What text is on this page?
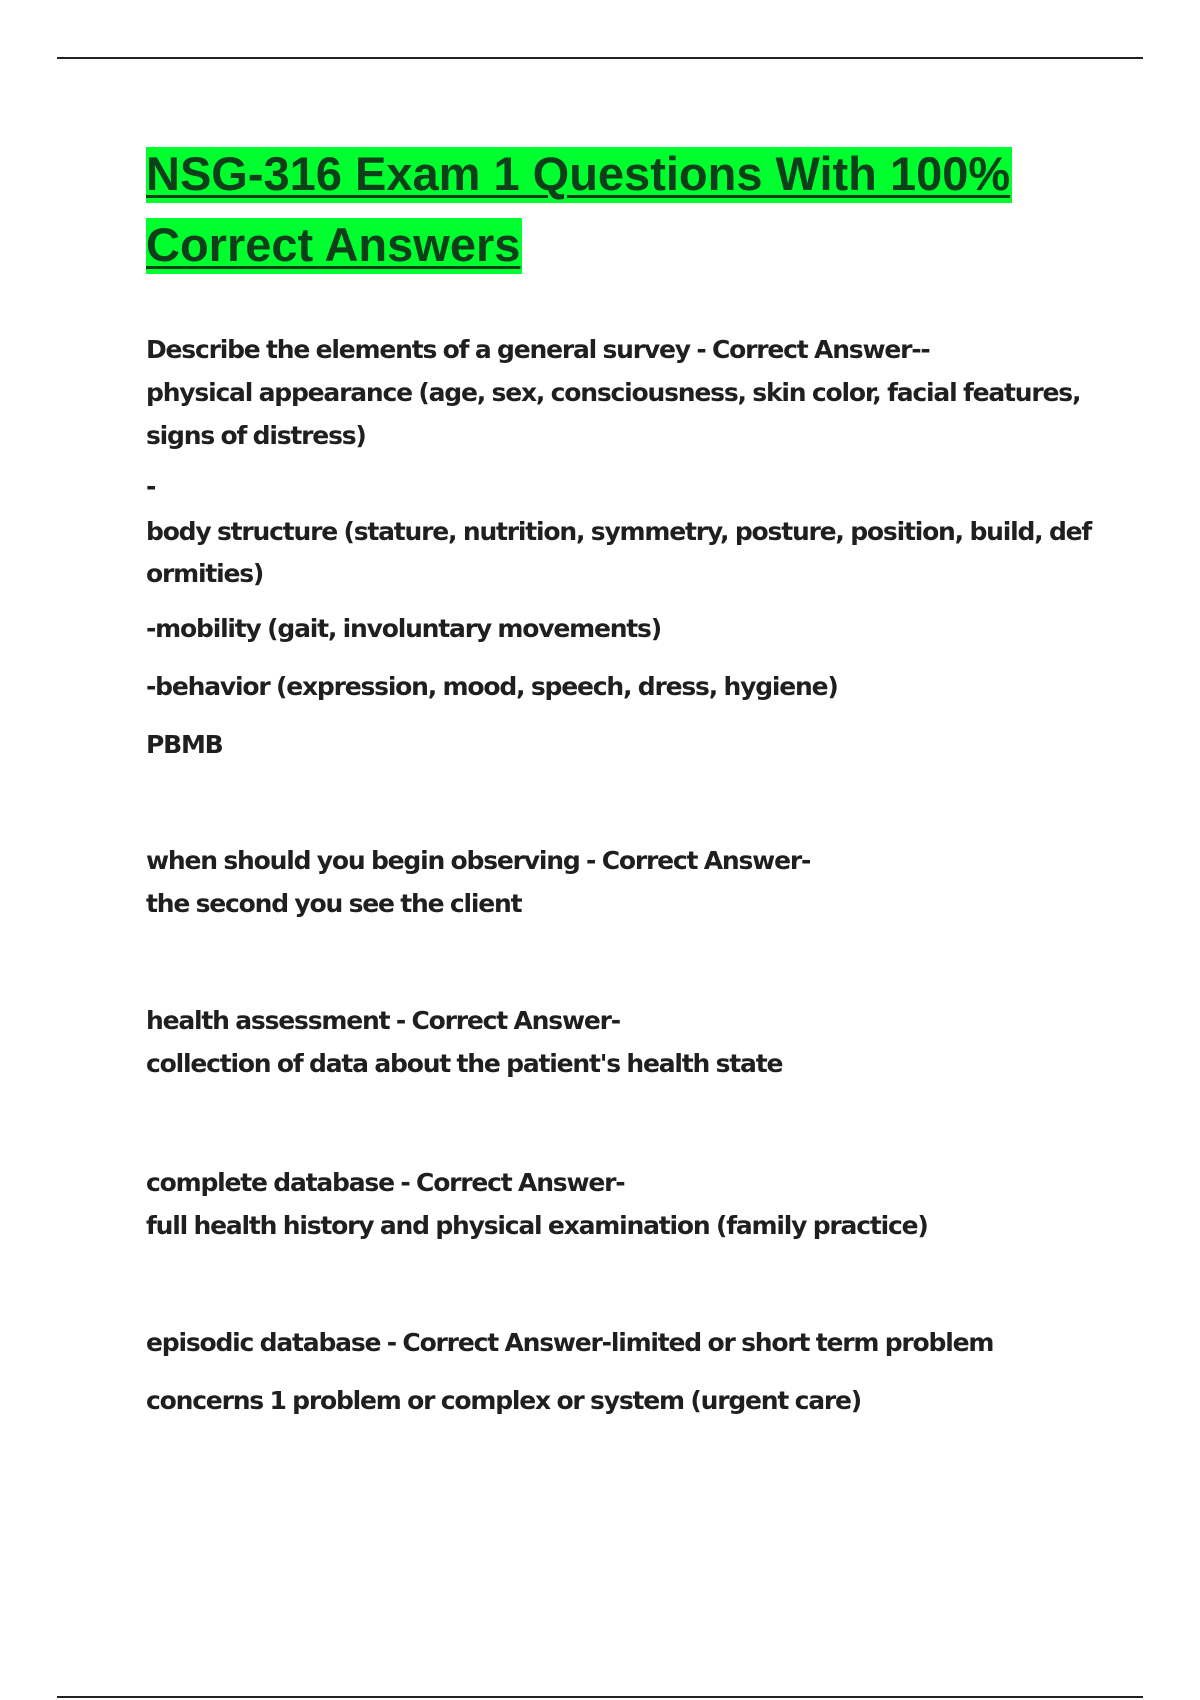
NSG-316 Exam 1 Questions With 100%
Correct Answers

Describe the elements of a general survey - Correct Answer--

physical appearance (age, sex, consciousness, skin color, facial features,

signs of distress)

-

body structure (stature, nutrition, symmetry, posture, position, build, deformities)

-mobility (gait, involuntary movements)

-behavior (expression, mood, speech, dress, hygiene)

PBMB

when should you begin observing - Correct Answer-

the second you see the client

health assessment - Correct Answer-

collection of data about the patient's health state

complete database - Correct Answer-

full health history and physical examination (family practice)

episodic database - Correct Answer-limited or short term problem

concerns 1 problem or complex or system (urgent care)
